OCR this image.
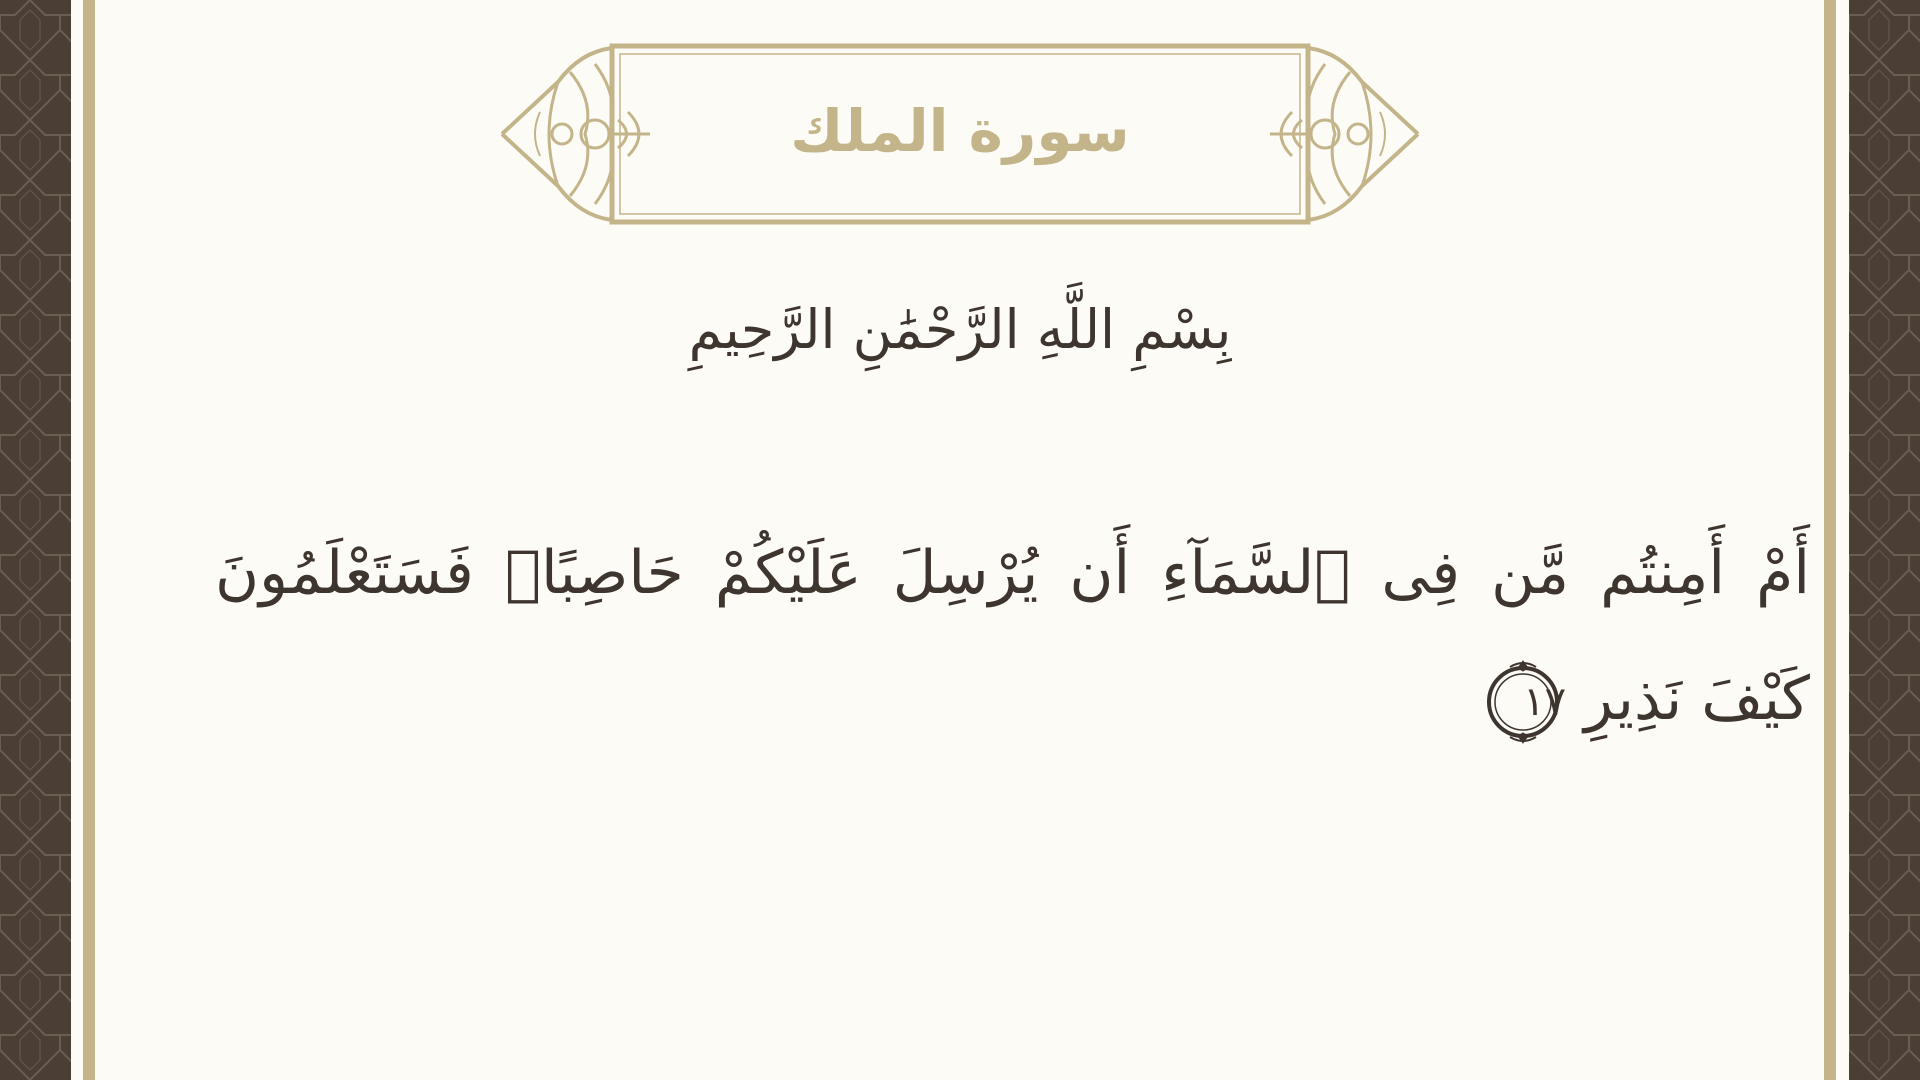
سورة الملك
بِسْمِ اللَّهِ الرَّحْمَٰنِ الرَّحِيمِ
أَمْ أَمِنتُم مَّن فِى ٱلسَّمَآءِ أَن يُرْسِلَ عَلَيْكُمْ حَاصِبًاۖ فَسَتَعْلَمُونَ كَيْفَ نَذِيرِ
١٧
